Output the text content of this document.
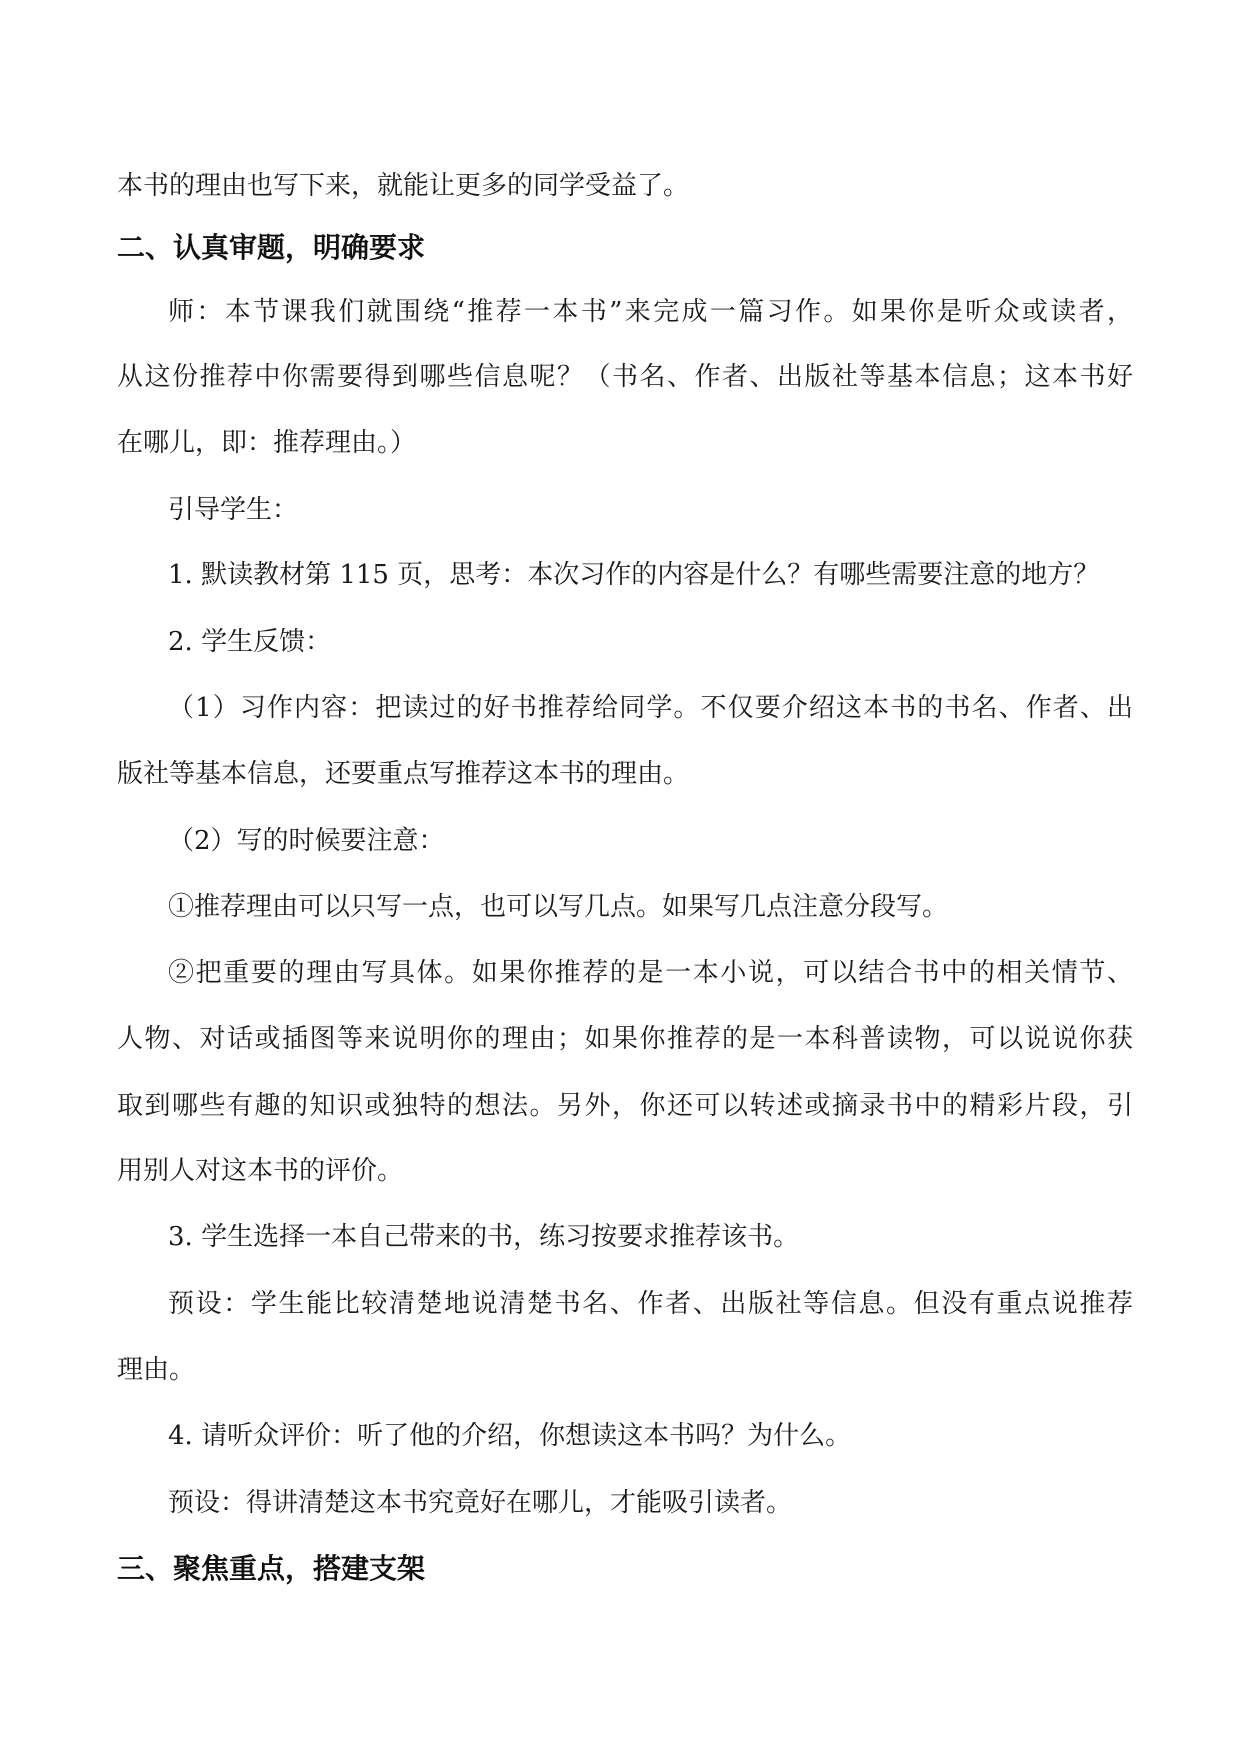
本书的理由也写下来，就能让更多的同学受益了。
二、认真审题，明确要求
师：本节课我们就围绕“推荐一本书”来完成一篇习作。如果你是听众或读者，
从这份推荐中你需要得到哪些信息呢？（书名、作者、出版社等基本信息；这本书好
在哪儿，即：推荐理由。）
引导学生：
1. 默读教材第 115 页，思考：本次习作的内容是什么？有哪些需要注意的地方？
2. 学生反馈：
（1）习作内容：把读过的好书推荐给同学。不仅要介绍这本书的书名、作者、出
版社等基本信息，还要重点写推荐这本书的理由。
（2）写的时候要注意：
①推荐理由可以只写一点，也可以写几点。如果写几点注意分段写。
②把重要的理由写具体。如果你推荐的是一本小说，可以结合书中的相关情节、
人物、对话或插图等来说明你的理由；如果你推荐的是一本科普读物，可以说说你获
取到哪些有趣的知识或独特的想法。另外，你还可以转述或摘录书中的精彩片段，引
用别人对这本书的评价。
3. 学生选择一本自己带来的书，练习按要求推荐该书。
预设：学生能比较清楚地说清楚书名、作者、出版社等信息。但没有重点说推荐
理由。
4. 请听众评价：听了他的介绍，你想读这本书吗？为什么。
预设：得讲清楚这本书究竟好在哪儿，才能吸引读者。
三、聚焦重点，搭建支架
